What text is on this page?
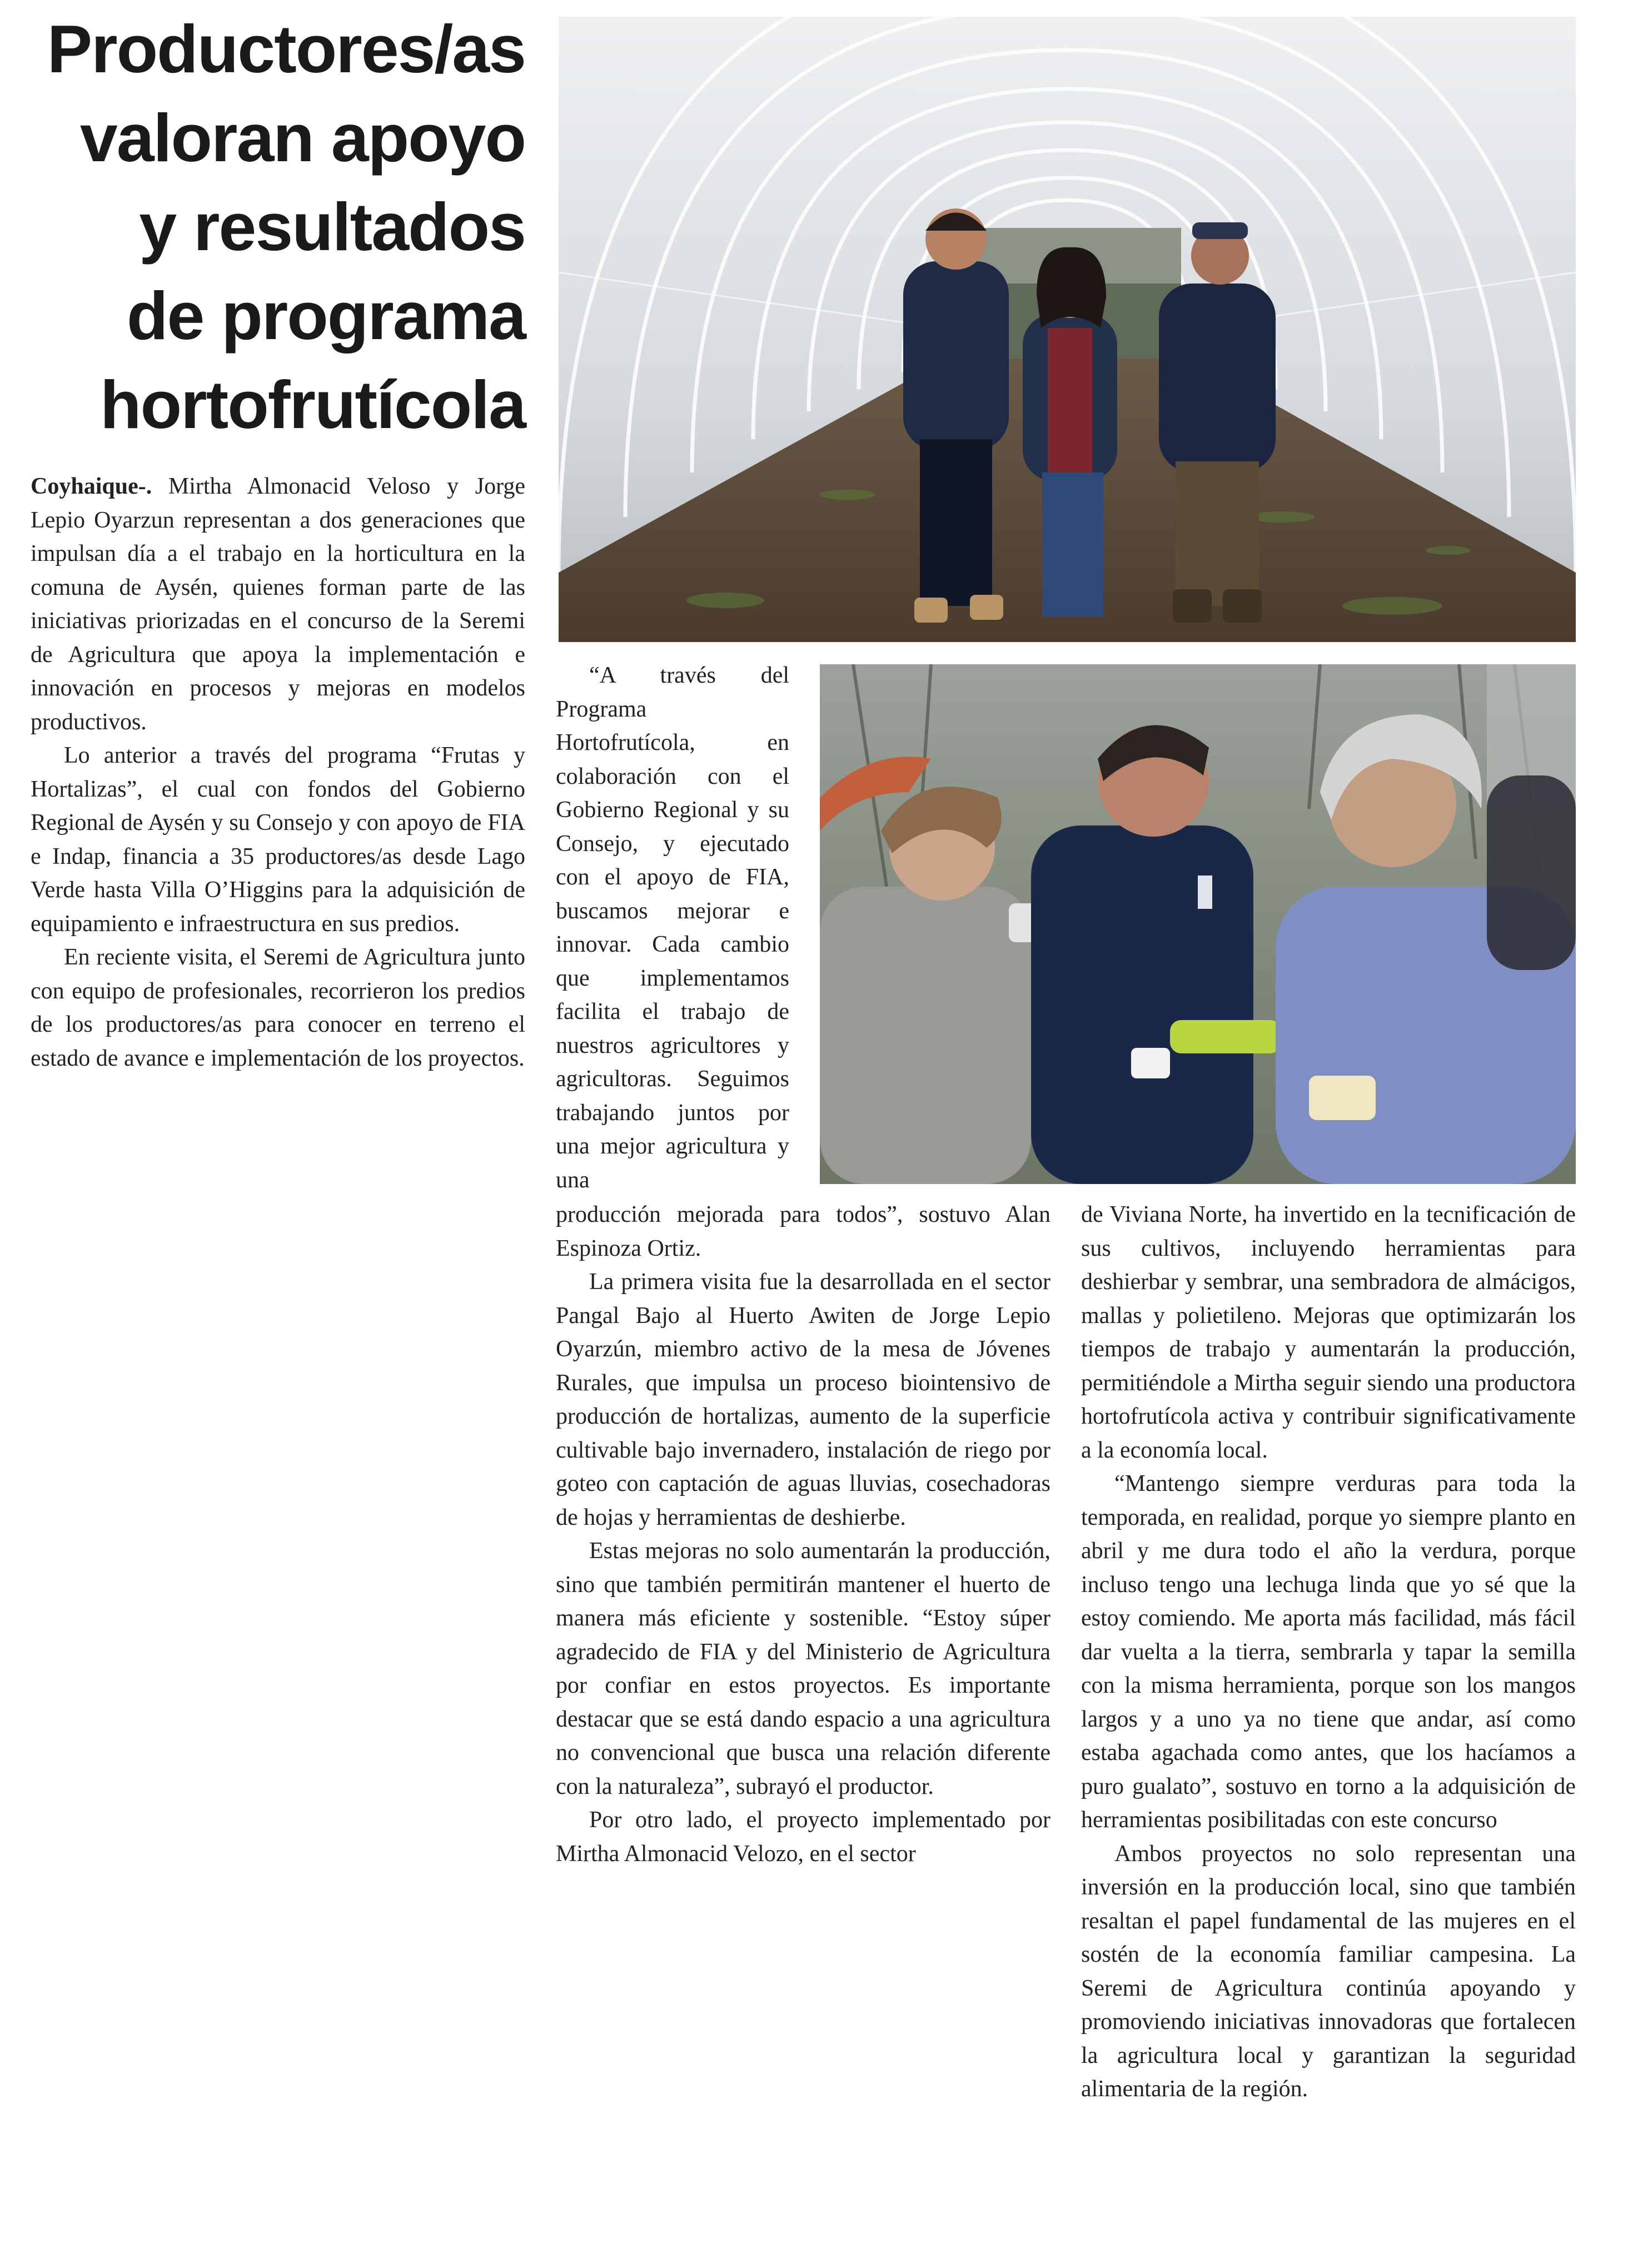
Productores/as
valoran apoyo
y resultados
de programa
hortofrutícola

Coyhaique-. Mirtha Almonacid Veloso y Jorge Lepio Oyarzun representan a dos generaciones que impulsan día a el trabajo en la horticultura en la comuna de Aysén, quienes forman parte de las iniciativas priorizadas en el concurso de la Seremi de Agricultura que apoya la implementación e innovación en procesos y mejoras en modelos productivos.

Lo anterior a través del programa “Frutas y Hortalizas”, el cual con fondos del Gobierno Regional de Aysén y su Consejo y con apoyo de FIA e Indap, financia a 35 productores/as desde Lago Verde hasta Villa O’Higgins para la adquisición de equipamiento e infraestructura en sus predios.

En reciente visita, el Seremi de Agricultura junto con equipo de profesionales, recorrieron los predios de los productores/as para conocer en terreno el estado de avance e implementación de los proyectos.

“A través del Programa Hortofrutícola, en colaboración con el Gobierno Regional y su Consejo, y ejecutado con el apoyo de FIA, buscamos mejorar e innovar. Cada cambio que implementamos facilita el trabajo de nuestros agricultores y agricultoras. Seguimos trabajando juntos por una mejor agricultura y una

producción mejorada para todos”, sostuvo Alan Espinoza Ortiz.

La primera visita fue la desarrollada en el sector Pangal Bajo al Huerto Awiten de Jorge Lepio Oyarzún, miembro activo de la mesa de Jóvenes Rurales, que impulsa un proceso biointensivo de producción de hortalizas, aumento de la superficie cultivable bajo invernadero, instalación de riego por goteo con captación de aguas lluvias, cosechadoras de hojas y herramientas de deshierbe.

Estas mejoras no solo aumentarán la producción, sino que también permitirán mantener el huerto de manera más eficiente y sostenible. “Estoy súper agradecido de FIA y del Ministerio de Agricultura por confiar en estos proyectos. Es importante destacar que se está dando espacio a una agricultura no convencional que busca una relación diferente con la naturaleza”, subrayó el productor.

Por otro lado, el proyecto implementado por Mirtha Almonacid Velozo, en el sector

de Viviana Norte, ha invertido en la tecnificación de sus cultivos, incluyendo herramientas para deshierbar y sembrar, una sembradora de almácigos, mallas y polietileno. Mejoras que optimizarán los tiempos de trabajo y aumentarán la producción, permitiéndole a Mirtha seguir siendo una productora hortofrutícola activa y contribuir significativamente a la economía local.

“Mantengo siempre verduras para toda la temporada, en realidad, porque yo siempre planto en abril y me dura todo el año la verdura, porque incluso tengo una lechuga linda que yo sé que la estoy comiendo. Me aporta más facilidad, más fácil dar vuelta a la tierra, sembrarla y tapar la semilla con la misma herramienta, porque son los mangos largos y a uno ya no tiene que andar, así como estaba agachada como antes, que los hacíamos a puro gualato”, sostuvo en torno a la adquisición de herramientas posibilitadas con este concurso

Ambos proyectos no solo representan una inversión en la producción local, sino que también resaltan el papel fundamental de las mujeres en el sostén de la economía familiar campesina. La Seremi de Agricultura continúa apoyando y promoviendo iniciativas innovadoras que fortalecen la agricultura local y garantizan la seguridad alimentaria de la región.
